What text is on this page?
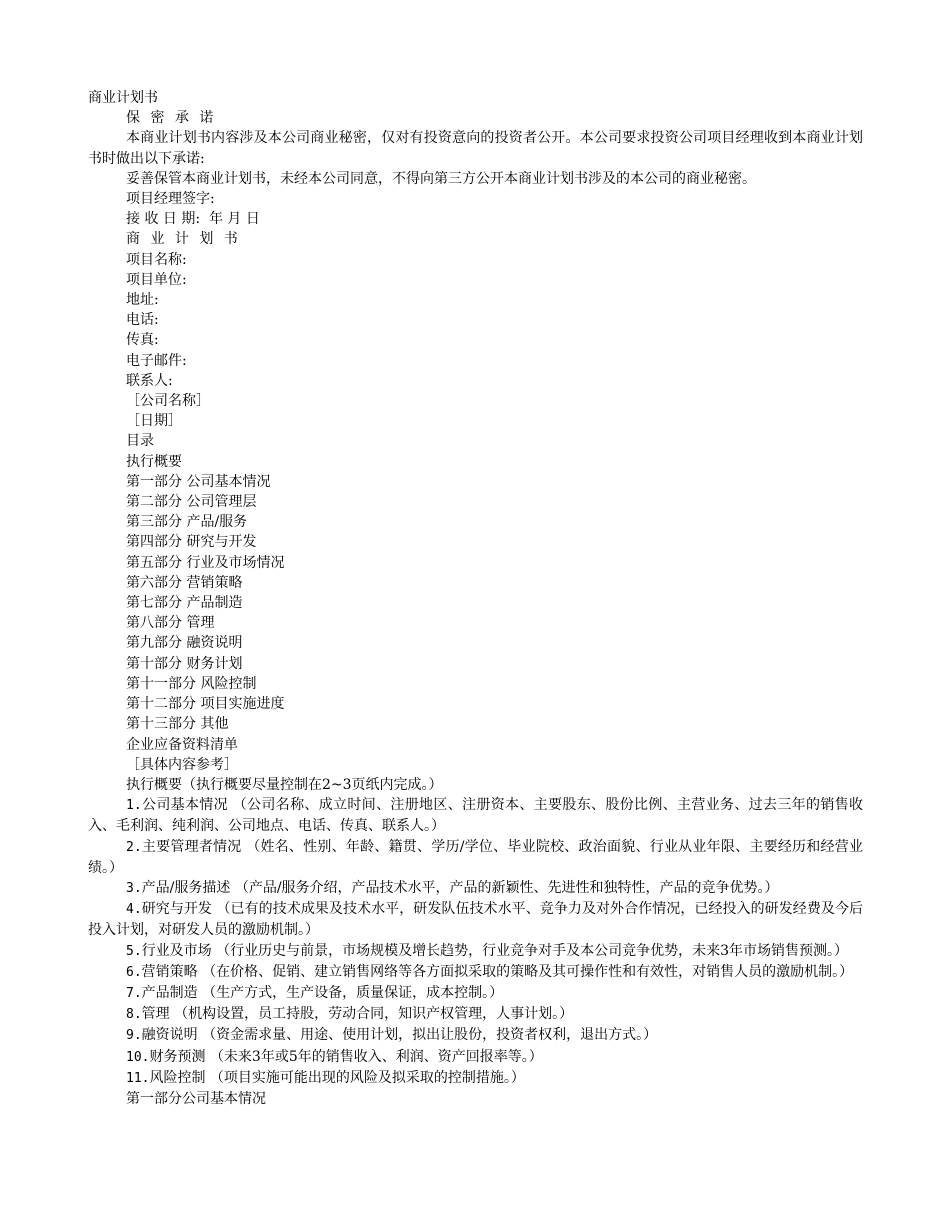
商业计划书
保 密 承 诺
本商业计划书内容涉及本公司商业秘密，仅对有投资意向的投资者公开。本公司要求投资公司项目经理收到本商业计划书时做出以下承诺:
妥善保管本商业计划书，未经本公司同意，不得向第三方公开本商业计划书涉及的本公司的商业秘密。
项目经理签字:
接 收 日 期:  年 月 日
商 业 计 划 书
项目名称:
项目单位:
地址:
电话:
传真:
电子邮件:
联系人:
［公司名称］
［日期］
目录
执行概要
第一部分 公司基本情况
第二部分 公司管理层
第三部分 产品/服务
第四部分 研究与开发
第五部分 行业及市场情况
第六部分 营销策略
第七部分 产品制造
第八部分 管理
第九部分 融资说明
第十部分 财务计划
第十一部分 风险控制
第十二部分 项目实施进度
第十三部分 其他
企业应备资料清单
［具体内容参考］
执行概要（执行概要尽量控制在2~3页纸内完成。）
1.公司基本情况 （公司名称、成立时间、注册地区、注册资本、主要股东、股份比例、主营业务、过去三年的销售收入、毛利润、纯利润、公司地点、电话、传真、联系人。）
2.主要管理者情况 （姓名、性别、年龄、籍贯、学历/学位、毕业院校、政治面貌、行业从业年限、主要经历和经营业绩。）
3.产品/服务描述 （产品/服务介绍，产品技术水平，产品的新颖性、先进性和独特性，产品的竞争优势。）
4.研究与开发 （已有的技术成果及技术水平，研发队伍技术水平、竞争力及对外合作情况，已经投入的研发经费及今后投入计划，对研发人员的激励机制。）
5.行业及市场 （行业历史与前景，市场规模及增长趋势，行业竞争对手及本公司竞争优势，未来3年市场销售预测。）
6.营销策略 （在价格、促销、建立销售网络等各方面拟采取的策略及其可操作性和有效性，对销售人员的激励机制。）
7.产品制造 （生产方式，生产设备，质量保证，成本控制。）
8.管理 （机构设置，员工持股，劳动合同，知识产权管理，人事计划。）
9.融资说明 （资金需求量、用途、使用计划，拟出让股份，投资者权利，退出方式。）
10.财务预测 （未来3年或5年的销售收入、利润、资产回报率等。）
11.风险控制 （项目实施可能出现的风险及拟采取的控制措施。）
第一部分公司基本情况
